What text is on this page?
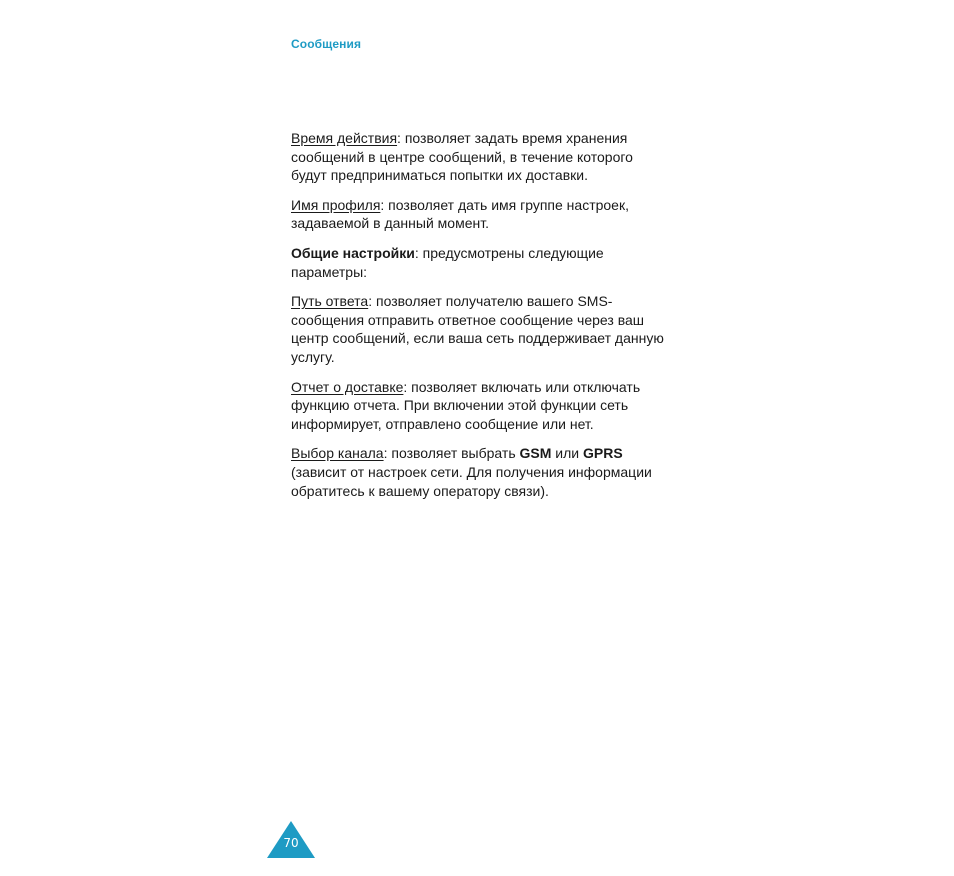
Сообщения

Время действия: позволяет задать время хранения сообщений в центре сообщений, в течение которого будут предприниматься попытки их доставки.

Имя профиля: позволяет дать имя группе настроек, задаваемой в данный момент.

Общие настройки: предусмотрены следующие параметры:

Путь ответа: позволяет получателю вашего SMS-сообщения отправить ответное сообщение через ваш центр сообщений, если ваша сеть поддерживает данную услугу.

Отчет о доставке: позволяет включать или отключать функцию отчета. При включении этой функции сеть информирует, отправлено сообщение или нет.

Выбор канала: позволяет выбрать GSM или GPRS (зависит от настроек сети. Для получения информации обратитесь к вашему оператору связи).

70
